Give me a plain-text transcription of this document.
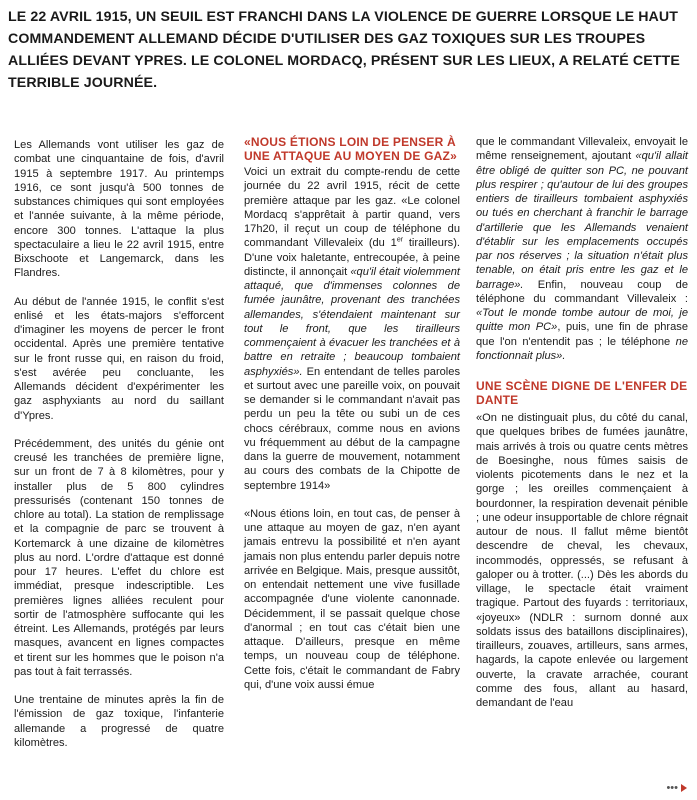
LE 22 AVRIL 1915, UN SEUIL EST FRANCHI DANS LA VIOLENCE DE GUERRE LORSQUE LE HAUT COMMANDEMENT ALLEMAND DÉCIDE D'UTILISER DES GAZ TOXIQUES SUR LES TROUPES ALLIÉES DEVANT YPRES. LE COLONEL MORDACQ, PRÉSENT SUR LES LIEUX, A RELATÉ CETTE TERRIBLE JOURNÉE.

Les Allemands vont utiliser les gaz de combat une cinquantaine de fois, d'avril 1915 à septembre 1917. Au printemps 1916, ce sont jusqu'à 500 tonnes de substances chimiques qui sont employées et l'année suivante, à la même période, encore 300 tonnes. L'attaque la plus spectaculaire a lieu le 22 avril 1915, entre Bixschoote et Langemarck, dans les Flandres.

Au début de l'année 1915, le conflit s'est enlisé et les états-majors s'efforcent d'imaginer les moyens de percer le front occidental. Après une première tentative sur le front russe qui, en raison du froid, s'est avérée peu concluante, les Allemands décident d'expérimenter les gaz asphyxiants au nord du saillant d'Ypres.

Précédemment, des unités du génie ont creusé les tranchées de première ligne, sur un front de 7 à 8 kilomètres, pour y installer plus de 5 800 cylindres pressurisés (contenant 150 tonnes de chlore au total). La station de remplissage et la compagnie de parc se trouvent à Kortemarck à une dizaine de kilomètres plus au nord. L'ordre d'attaque est donné pour 17 heures. L'effet du chlore est immédiat, presque indescriptible. Les premières lignes alliées reculent pour sortir de l'atmosphère suffocante qui les étreint. Les Allemands, protégés par leurs masques, avancent en lignes compactes et tirent sur les hommes que le poison n'a pas tout à fait terrassés.

Une trentaine de minutes après la fin de l'émission de gaz toxique, l'infanterie allemande a progressé de quatre kilomètres.

«NOUS ÉTIONS LOIN DE PENSER À UNE ATTAQUE AU MOYEN DE GAZ»

Voici un extrait du compte-rendu de cette journée du 22 avril 1915, récit de cette première attaque par les gaz. «Le colonel Mordacq s'apprêtait à partir quand, vers 17h20, il reçut un coup de téléphone du commandant Villevaleix (du 1er tirailleurs). D'une voix haletante, entrecoupée, à peine distincte, il annonçait «qu'il était violemment attaqué, que d'immenses colonnes de fumée jaunâtre, provenant des tranchées allemandes, s'étendaient maintenant sur tout le front, que les tirailleurs commençaient à évacuer les tranchées et à battre en retraite ; beaucoup tombaient asphyxiés». En entendant de telles paroles et surtout avec une pareille voix, on pouvait se demander si le commandant n'avait pas perdu un peu la tête ou subi un de ces chocs cérébraux, comme nous en avions vu fréquemment au début de la campagne dans la guerre de mouvement, notamment au cours des combats de la Chipotte de septembre 1914»

«Nous étions loin, en tout cas, de penser à une attaque au moyen de gaz, n'en ayant jamais entrevu la possibilité et n'en ayant jamais non plus entendu parler depuis notre arrivée en Belgique. Mais, presque aussitôt, on entendait nettement une vive fusillade accompagnée d'une violente canonnade. Décidemment, il se passait quelque chose d'anormal ; en tout cas c'était bien une attaque. D'ailleurs, presque en même temps, un nouveau coup de téléphone. Cette fois, c'était le commandant de Fabry qui, d'une voix aussi émue

que le commandant Villevaleix, envoyait le même renseignement, ajoutant «qu'il allait être obligé de quitter son PC, ne pouvant plus respirer ; qu'autour de lui des groupes entiers de tirailleurs tombaient asphyxiés ou tués en cherchant à franchir le barrage d'artillerie que les Allemands venaient d'établir sur les emplacements occupés par nos réserves ; la situation n'était plus tenable, on était pris entre les gaz et le barrage». Enfin, nouveau coup de téléphone du commandant Villevaleix : «Tout le monde tombe autour de moi, je quitte mon PC», puis, une fin de phrase que l'on n'entendit pas ; le téléphone ne fonctionnait plus».

UNE SCÈNE DIGNE DE L'ENFER DE DANTE

«On ne distinguait plus, du côté du canal, que quelques bribes de fumées jaunâtre, mais arrivés à trois ou quatre cents mètres de Boesinghe, nous fûmes saisis de violents picotements dans le nez et la gorge ; les oreilles commençaient à bourdonner, la respiration devenait pénible ; une odeur insupportable de chlore régnait autour de nous. Il fallut même bientôt descendre de cheval, les chevaux, incommodés, oppressés, se refusant à galoper ou à trotter. (...) Dès les abords du village, le spectacle était vraiment tragique. Partout des fuyards : territoriaux, «joyeux» (NDLR : surnom donné aux soldats issus des bataillons disciplinaires), tirailleurs, zouaves, artilleurs, sans armes, hagards, la capote enlevée ou largement ouverte, la cravate arrachée, courant comme des fous, allant au hasard, demandant de l'eau

•••
